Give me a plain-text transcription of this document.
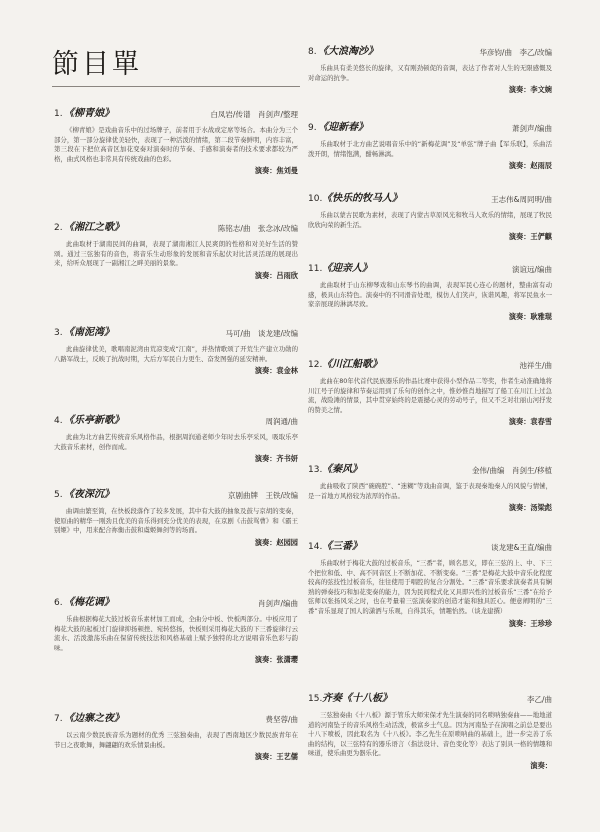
節目單
1. 《柳青娘》	白凤岩/传谱　肖剑声/整理

《柳青娘》是戏曲音乐中的过场牌子，前者用于水战或定席等场合。本曲分为三个部分，第一部分旋律优美轻快，表现了一种活泼的情绪，第二段节奏鲜明，内容丰富，第三段在下把位高音区加花变奏对演奏时的节奏、手感和演奏者的技术要求都较为严格，曲式风格也非常具有传统戏曲的色彩。

演奏：焦刘曼
2. 《湘江之歌》	陈铭志/曲　张念冰/改编

此曲取材于湖南民间的曲调，表现了湖南湘江人民爽朗的性格和对美好生活的赞颂。通过三弦独有的音色，将音乐生动形象的发展和音乐起伏对比活灵活现的展现出来，给听众展现了一副湘江之畔美丽的景象。

演奏：吕雨欣
3. 《南泥湾》	马可/曲　谈龙建/改编

此曲旋律优美，歌唱南泥湾由荒凉变成“江南”，并热情歌颂了开荒生产建立功勋的八路军战士，反映了抗战时期，大后方军民自力更生、奋发图强的延安精神。

演奏：袁金林
4. 《乐亭新歌》	周润通/曲

此曲为北方曲艺传统音乐风格作品，根据周润通老师少年时去乐亭采风，吸取乐亭大鼓音乐素材，创作而成。

演奏：齐书妍
5. 《夜深沉》	京剧曲牌　王铁/改编

曲调由繁至简，在快板段落作了较多发展，其中有大鼓的抽象及鼓与京胡的变奏，使原曲的精华一刚劲且优美的音乐得到充分优美的表现，在京剧《击鼓骂曹》和《霸王别姬》中，用来配合祢衡击鼓和虞姬舞剑等的场面。

演奏：赵园园
6. 《梅花调》	肖剑声/编曲

乐曲根据梅花大鼓过板音乐素材加工而成，全曲分中板、快板两部分。中板应用了梅花大鼓的起板过门旋律抑扬顿挫、宛转悠扬，快板则采用梅花大鼓的下三番旋律行云流水、活泼激荡乐曲在保留传统技法和风格基础上赋予独特的北方说唱音乐色彩与韵味。

演奏：张潇璎
7. 《边寨之夜》	费坚蓉/曲

以云南少数民族音乐为题材的优秀 三弦独奏曲，表现了西南地区少数民族青年在节日之夜歌舞，舞翩翩的欢乐情景曲板。

演奏：王艺儒
8. 《大浪淘沙》	华彦钧/曲　李乙/改编

乐曲具有柔美悠长的旋律，又有刚劲顿促的音调，表达了作者对人生的无限感慨及对命运的抗争。

演奏：李文婉
9. 《迎新春》	萧剑声/编曲

乐曲取材于北方曲艺说唱音乐中的“新梅花调”及“单弦”牌子曲【军乐联】，乐曲活泼开朗，情绪饱满，酣畅淋漓。

演奏：赵雨辰
10. 《快乐的牧马人》	王志伟&周同明/曲

乐曲以蒙古民歌为素材，表现了内蒙古草原风光和牧马人欢乐的情绪，展现了牧民欣欣向荣的新生活。

演奏：王俨麒
11. 《迎亲人》	演谊远/编曲

此曲取材于山东柳琴戏和山东琴书的曲调，表现军民心连心的题材，整曲富有动感，极具山东特色。演奏中的不同滑音处理，模仿人们笑声，诙谐风趣，将军民鱼水一家亲展现的淋漓尽致。

演奏：耿雅琨
12. 《川江船歌》	池祥生/曲

此曲在80年代首代民族器乐的作品比赛中获得小型作品二等奖，作者生动准确地将川江号子的旋律和节奏运用到了乐句的创作之中，惟妙惟肖地描写了船工在川江上过急流，战险滩的情景，其中贯穿始终的是震撼心灵的劳动号子，但又不乏对壮丽山河抒发的赞美之情。

演奏：袁春雪
13. 《秦风》	金伟/曲编　肖剑生/移植

此曲吸收了陕西“碗碗腔”、“迷糊”等戏曲音调，鉴于表现秦地秦人的风貌与情愫，是一首地方风格较为浓厚的作品。

演奏：汤梁彪
14. 《三番》	谈龙建&王直/编曲

乐曲取材于梅花大鼓的过板音乐，“三番”者，顾名思义，即在三弦的上、中、下三个把位和低、中、高不同音区上不断加花、不断变奏。“三番”是梅花大鼓中音乐化程度较高的弦技性过板音乐，往往使用于唱腔的复合分割处。“三番”音乐要求演奏者具有娴熟的弹奏技巧和加花变奏的能力，因为民间程式化又具即兴性的过板音乐“三番”在给予弦师以张扬风采之时，也在考量着三弦演奏家的创造才能和独具匠心。便意阐明的“三番”音乐显现了国人的潇洒与乐观，自得其乐，情趣怡然。（谈龙建撰）

演奏：王珍珍
15. 齐奏《十八板》	李乙/曲

三弦独奏曲《十八板》源于管乐大师宋保才先生演奏的同名唢呐独奏曲——地地道道的河南坠子的音乐风格生动活泼，极富乡土气息。因为河南坠子在演唱之前总是要出十八下喷板，因此取名为《十八板》。李乙先生在原唢呐曲的基础上，进一步完善了乐曲的结构，以三弦特有的器乐语言（指法设计、音色变化等）表达了别具一格的情趣和味道，使乐曲更为器乐化。

演奏：
